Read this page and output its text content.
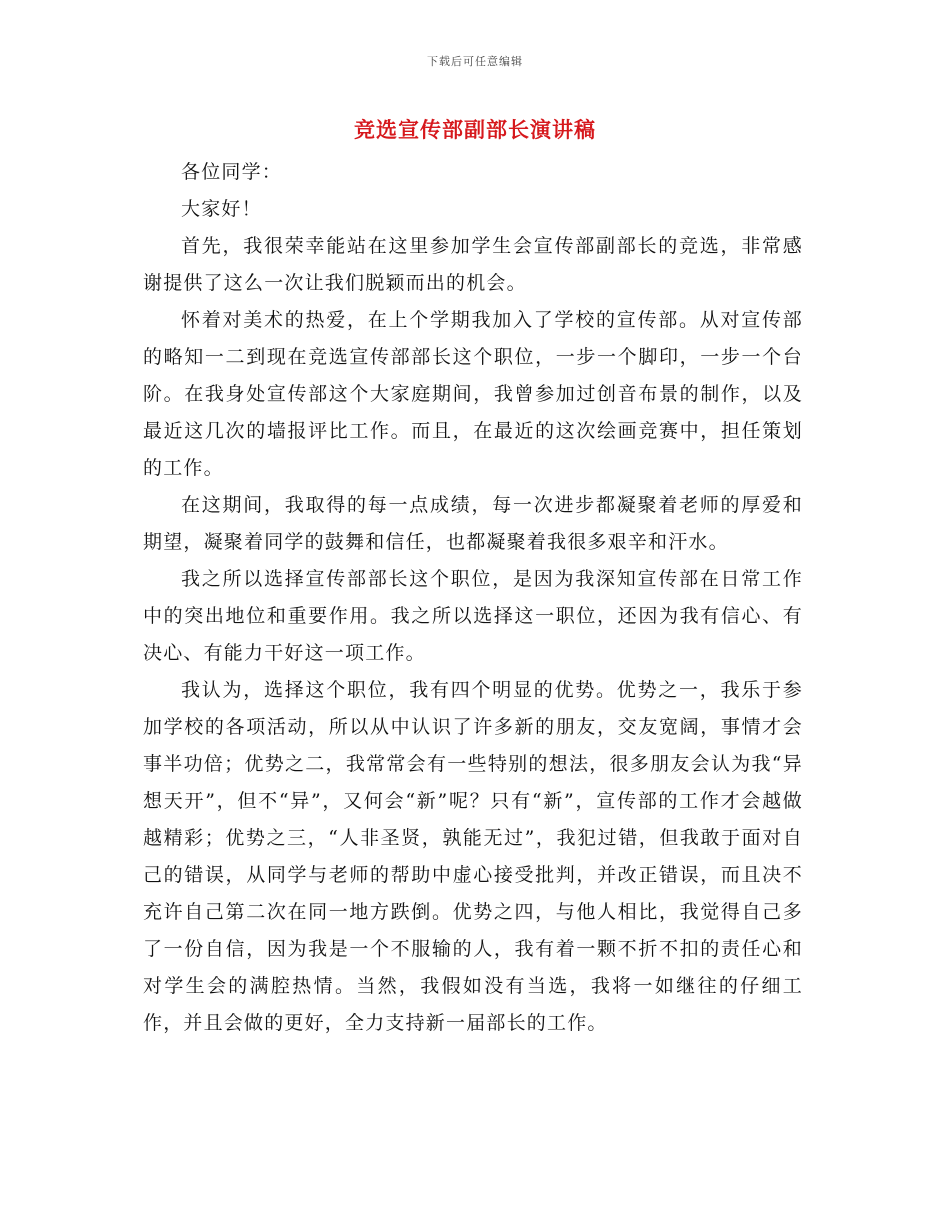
下载后可任意编辑
竞选宣传部副部长演讲稿

各位同学：

大家好！

首先，我很荣幸能站在这里参加学生会宣传部副部长的竞选，非常感谢提供了这么一次让我们脱颖而出的机会。

怀着对美术的热爱，在上个学期我加入了学校的宣传部。从对宣传部的略知一二到现在竞选宣传部部长这个职位，一步一个脚印，一步一个台阶。在我身处宣传部这个大家庭期间，我曾参加过创音布景的制作，以及最近这几次的墙报评比工作。而且，在最近的这次绘画竞赛中，担任策划的工作。

在这期间，我取得的每一点成绩，每一次进步都凝聚着老师的厚爱和期望，凝聚着同学的鼓舞和信任，也都凝聚着我很多艰辛和汗水。

我之所以选择宣传部部长这个职位，是因为我深知宣传部在日常工作中的突出地位和重要作用。我之所以选择这一职位，还因为我有信心、有决心、有能力干好这一项工作。

我认为，选择这个职位，我有四个明显的优势。优势之一，我乐于参加学校的各项活动，所以从中认识了许多新的朋友，交友宽阔，事情才会事半功倍；优势之二，我常常会有一些特别的想法，很多朋友会认为我“异想天开”，但不“异”，又何会“新”呢？只有“新”，宣传部的工作才会越做越精彩；优势之三，“人非圣贤，孰能无过”，我犯过错，但我敢于面对自己的错误，从同学与老师的帮助中虚心接受批判，并改正错误，而且决不充许自己第二次在同一地方跌倒。优势之四，与他人相比，我觉得自己多了一份自信，因为我是一个不服输的人，我有着一颗不折不扣的责任心和对学生会的满腔热情。当然，我假如没有当选，我将一如继往的仔细工作，并且会做的更好，全力支持新一届部长的工作。
